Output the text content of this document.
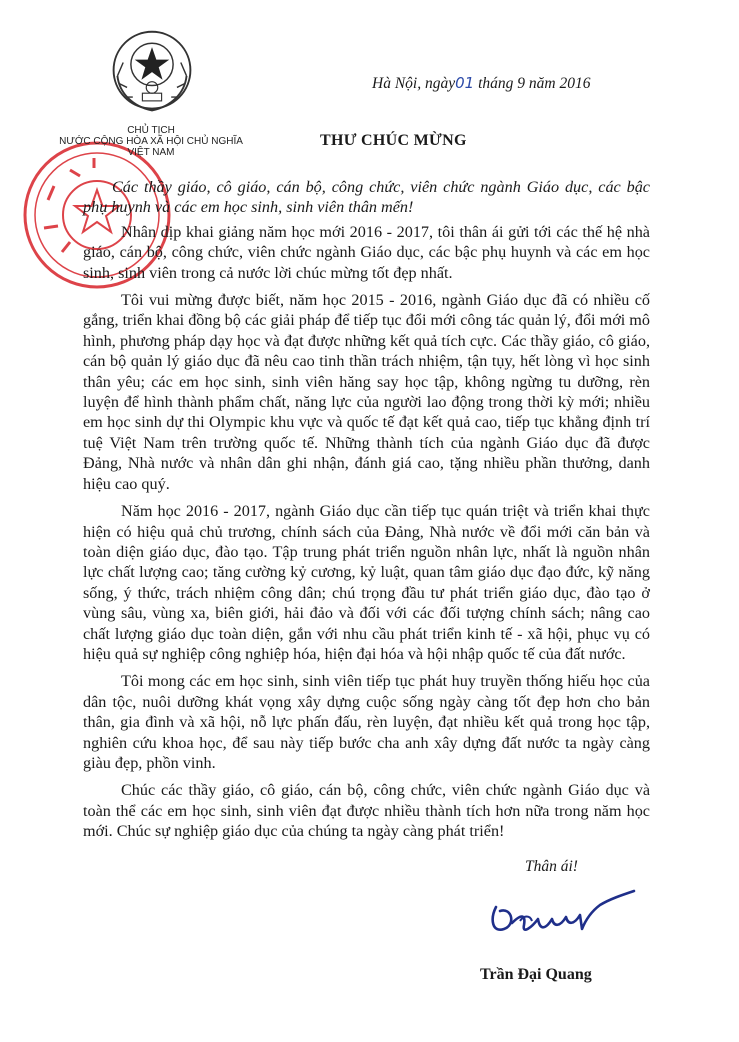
CHỦ TỊCH
NƯỚC CỘNG HÒA XÃ HỘI CHỦ NGHĨA
VIỆT NAM
Hà Nội, ngày01 tháng 9 năm 2016
THƯ CHÚC MỪNG

Các thầy giáo, cô giáo, cán bộ, công chức, viên chức ngành Giáo dục, các bậc phụ huynh và các em học sinh, sinh viên thân mến!

Nhân dịp khai giảng năm học mới 2016 - 2017, tôi thân ái gửi tới các thế hệ nhà giáo, cán bộ, công chức, viên chức ngành Giáo dục, các bậc phụ huynh và các em học sinh, sinh viên trong cả nước lời chúc mừng tốt đẹp nhất.

Tôi vui mừng được biết, năm học 2015 - 2016, ngành Giáo dục đã có nhiều cố gắng, triển khai đồng bộ các giải pháp để tiếp tục đổi mới công tác quản lý, đổi mới mô hình, phương pháp dạy học và đạt được những kết quả tích cực. Các thầy giáo, cô giáo, cán bộ quản lý giáo dục đã nêu cao tinh thần trách nhiệm, tận tụy, hết lòng vì học sinh thân yêu; các em học sinh, sinh viên hăng say học tập, không ngừng tu dưỡng, rèn luyện để hình thành phẩm chất, năng lực của người lao động trong thời kỳ mới; nhiều em học sinh dự thi Olympic khu vực và quốc tế đạt kết quả cao, tiếp tục khẳng định trí tuệ Việt Nam trên trường quốc tế. Những thành tích của ngành Giáo dục đã được Đảng, Nhà nước và nhân dân ghi nhận, đánh giá cao, tặng nhiều phần thưởng, danh hiệu cao quý.

Năm học 2016 - 2017, ngành Giáo dục cần tiếp tục quán triệt và triển khai thực hiện có hiệu quả chủ trương, chính sách của Đảng, Nhà nước về đổi mới căn bản và toàn diện giáo dục, đào tạo. Tập trung phát triển nguồn nhân lực, nhất là nguồn nhân lực chất lượng cao; tăng cường kỷ cương, kỷ luật, quan tâm giáo dục đạo đức, kỹ năng sống, ý thức, trách nhiệm công dân; chú trọng đầu tư phát triển giáo dục, đào tạo ở vùng sâu, vùng xa, biên giới, hải đảo và đối với các đối tượng chính sách; nâng cao chất lượng giáo dục toàn diện, gắn với nhu cầu phát triển kinh tế - xã hội, phục vụ có hiệu quả sự nghiệp công nghiệp hóa, hiện đại hóa và hội nhập quốc tế của đất nước.

Tôi mong các em học sinh, sinh viên tiếp tục phát huy truyền thống hiếu học của dân tộc, nuôi dưỡng khát vọng xây dựng cuộc sống ngày càng tốt đẹp hơn cho bản thân, gia đình và xã hội, nỗ lực phấn đấu, rèn luyện, đạt nhiều kết quả trong học tập, nghiên cứu khoa học, để sau này tiếp bước cha anh xây dựng đất nước ta ngày càng giàu đẹp, phồn vinh.

Chúc các thầy giáo, cô giáo, cán bộ, công chức, viên chức ngành Giáo dục và toàn thể các em học sinh, sinh viên đạt được nhiều thành tích hơn nữa trong năm học mới. Chúc sự nghiệp giáo dục của chúng ta ngày càng phát triển!

Thân ái!
Trần Đại Quang
